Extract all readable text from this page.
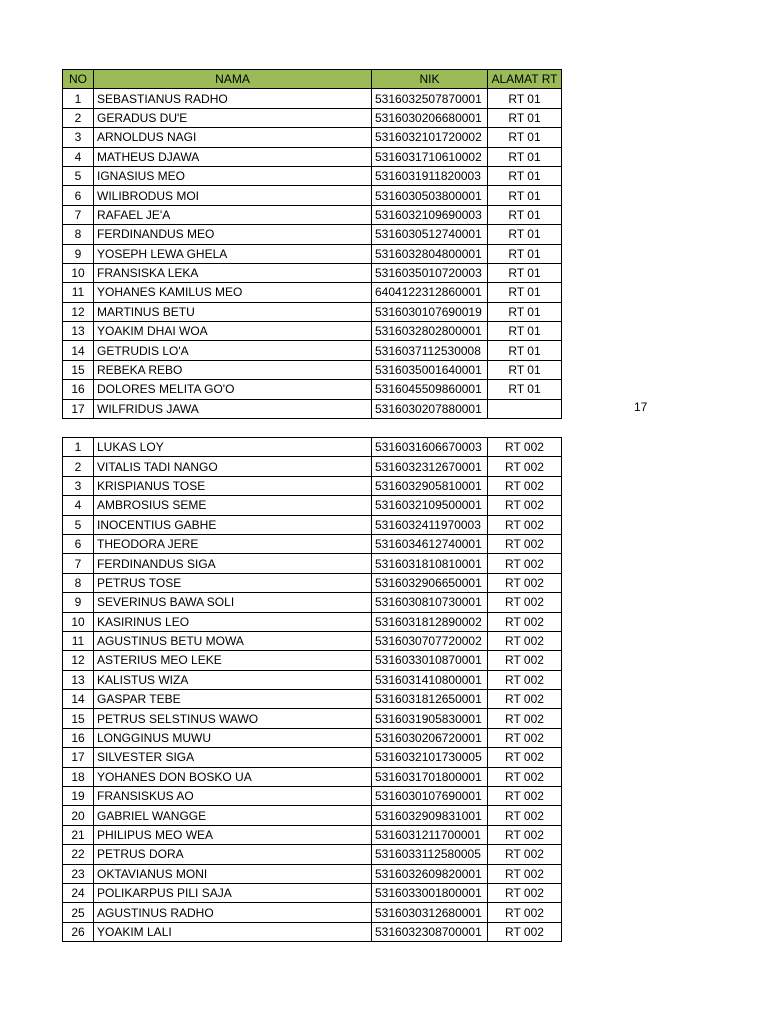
NO	NAMA	NIK	ALAMAT RT
1	SEBASTIANUS RADHO	5316032507870001	RT 01
2	GERADUS DU'E	5316030206680001	RT 01
3	ARNOLDUS NAGI	5316032101720002	RT 01
4	MATHEUS DJAWA	5316031710610002	RT 01
5	IGNASIUS MEO	5316031911820003	RT 01
6	WILIBRODUS MOI	5316030503800001	RT 01
7	RAFAEL JE'A	5316032109690003	RT 01
8	FERDINANDUS MEO	5316030512740001	RT 01
9	YOSEPH LEWA GHELA	5316032804800001	RT 01
10	FRANSISKA LEKA	5316035010720003	RT 01
11	YOHANES KAMILUS MEO	6404122312860001	RT 01
12	MARTINUS BETU	5316030107690019	RT 01
13	YOAKIM DHAI WOA	5316032802800001	RT 01
14	GETRUDIS LO'A	5316037112530008	RT 01
15	REBEKA REBO	5316035001640001	RT 01
16	DOLORES MELITA GO'O	5316045509860001	RT 01
17	WILFRIDUS JAWA	5316030207880001		17
1	LUKAS LOY	5316031606670003	RT 002
2	VITALIS TADI NANGO	5316032312670001	RT 002
3	KRISPIANUS TOSE	5316032905810001	RT 002
4	AMBROSIUS SEME	5316032109500001	RT 002
5	INOCENTIUS GABHE	5316032411970003	RT 002
6	THEODORA JERE	5316034612740001	RT 002
7	FERDINANDUS SIGA	5316031810810001	RT 002
8	PETRUS TOSE	5316032906650001	RT 002
9	SEVERINUS BAWA SOLI	5316030810730001	RT 002
10	KASIRINUS LEO	5316031812890002	RT 002
11	AGUSTINUS BETU MOWA	5316030707720002	RT 002
12	ASTERIUS MEO LEKE	5316033010870001	RT 002
13	KALISTUS WIZA	5316031410800001	RT 002
14	GASPAR TEBE	5316031812650001	RT 002
15	PETRUS SELSTINUS WAWO	5316031905830001	RT 002
16	LONGGINUS MUWU	5316030206720001	RT 002
17	SILVESTER SIGA	5316032101730005	RT 002
18	YOHANES DON BOSKO UA	5316031701800001	RT 002
19	FRANSISKUS AO	5316030107690001	RT 002
20	GABRIEL WANGGE	5316032909831001	RT 002
21	PHILIPUS MEO WEA	5316031211700001	RT 002
22	PETRUS DORA	5316033112580005	RT 002
23	OKTAVIANUS MONI	5316032609820001	RT 002
24	POLIKARPUS PILI SAJA	5316033001800001	RT 002
25	AGUSTINUS RADHO	5316030312680001	RT 002
26	YOAKIM LALI	5316032308700001	RT 002
